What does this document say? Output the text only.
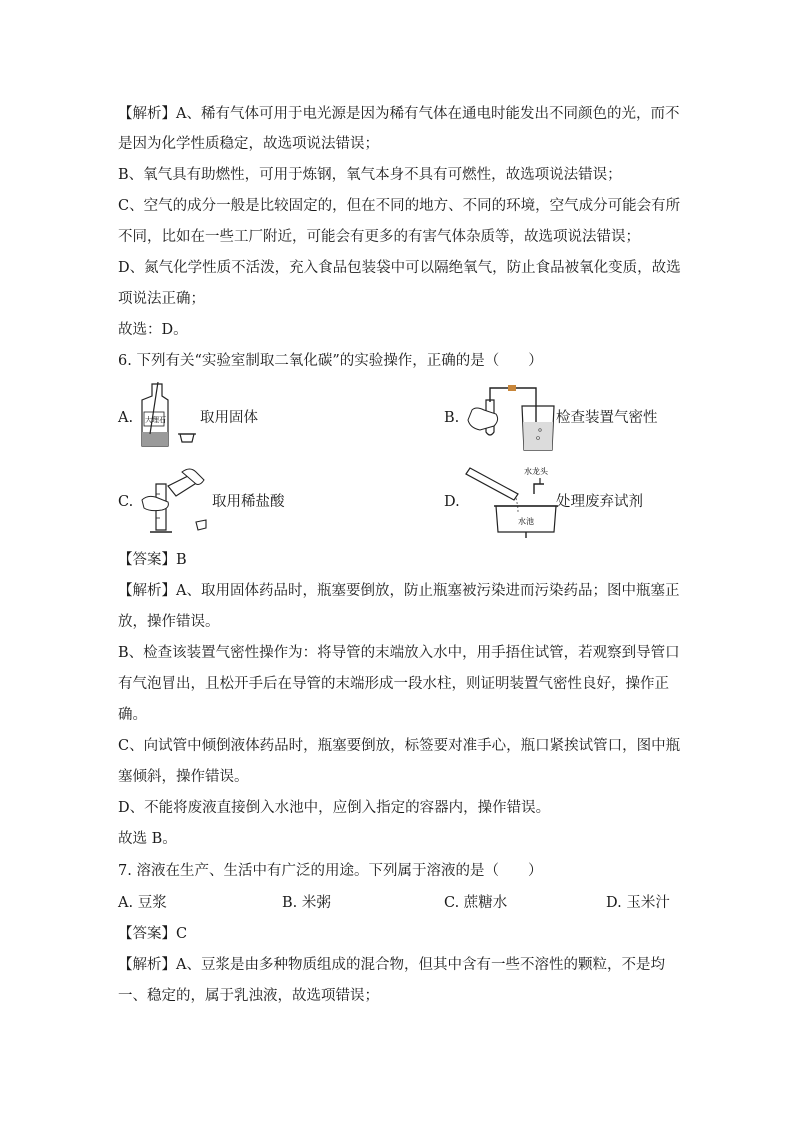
【解析】A、稀有气体可用于电光源是因为稀有气体在通电时能发出不同颜色的光，而不
是因为化学性质稳定，故选项说法错误；
B、氧气具有助燃性，可用于炼钢，氧气本身不具有可燃性，故选项说法错误；
C、空气的成分一般是比较固定的，但在不同的地方、不同的环境，空气成分可能会有所
不同，比如在一些工厂附近，可能会有更多的有害气体杂质等，故选项说法错误；
D、氮气化学性质不活泼，充入食品包装袋中可以隔绝氧气，防止食品被氧化变质，故选
项说法正确；
故选：D。
6. 下列有关“实验室制取二氧化碳”的实验操作，正确的是（　　）
A. 大理石 取用固体	B.	检查装置气密性
C.	取用稀盐酸	D.
水龙头
水池
处理废弃试剂
【答案】B
【解析】A、取用固体药品时，瓶塞要倒放，防止瓶塞被污染进而污染药品；图中瓶塞正
放，操作错误。
B、检查该装置气密性操作为：将导管的末端放入水中，用手捂住试管，若观察到导管口
有气泡冒出，且松开手后在导管的末端形成一段水柱，则证明装置气密性良好，操作正
确。
C、向试管中倾倒液体药品时，瓶塞要倒放，标签要对准手心，瓶口紧挨试管口，图中瓶
塞倾斜，操作错误。
D、不能将废液直接倒入水池中，应倒入指定的容器内，操作错误。
故选 B。
7. 溶液在生产、生活中有广泛的用途。下列属于溶液的是（　　）
A. 豆浆	B. 米粥	C. 蔗糖水	D. 玉米汁
【答案】C
【解析】A、豆浆是由多种物质组成的混合物，但其中含有一些不溶性的颗粒，不是均
一、稳定的，属于乳浊液，故选项错误；
